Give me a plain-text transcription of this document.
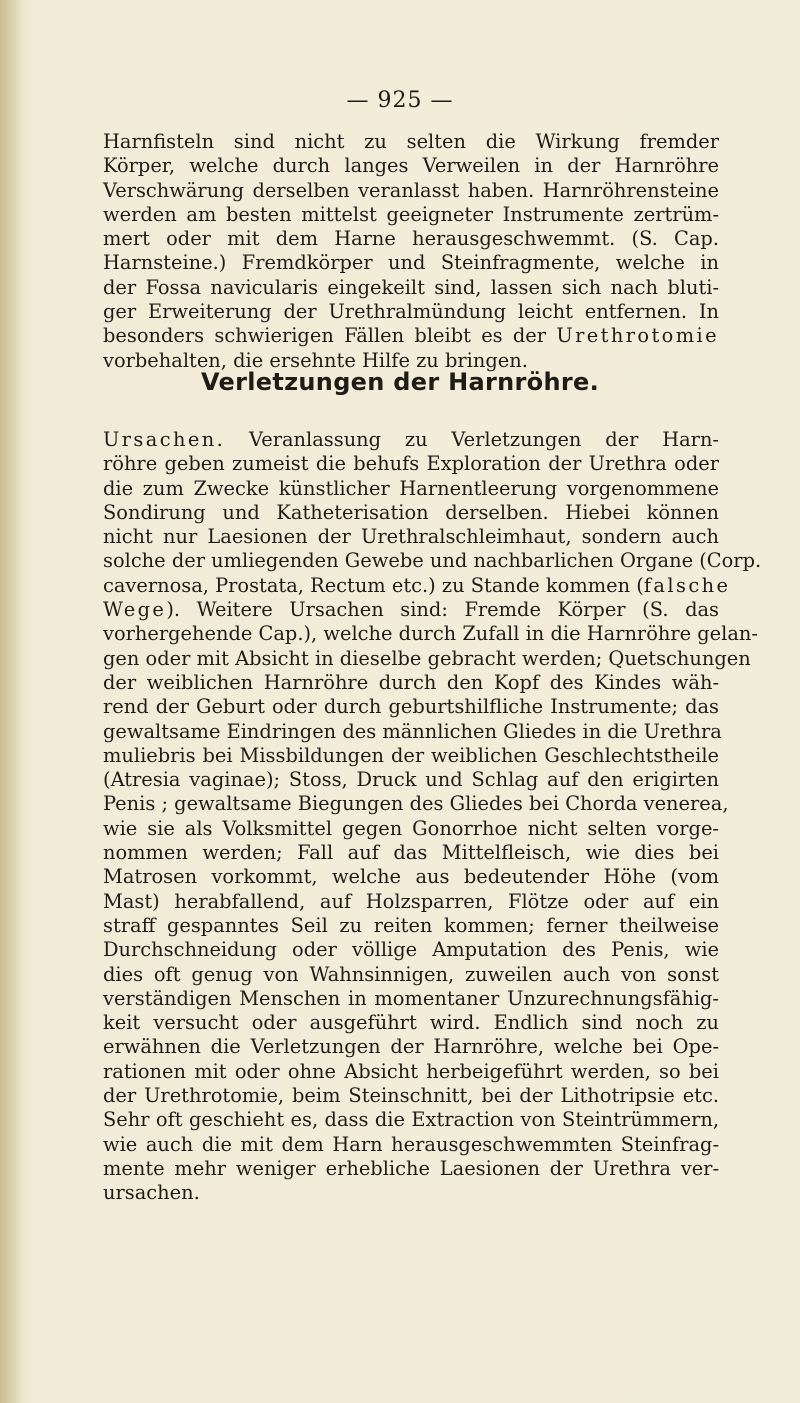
— 925 —
Harnfisteln sind nicht zu selten die Wirkung fremder
Körper, welche durch langes Verweilen in der Harnröhre
Verschwärung derselben veranlasst haben. Harnröhrensteine
werden am besten mittelst geeigneter Instrumente zertrüm-
mert oder mit dem Harne herausgeschwemmt. (S. Cap.
Harnsteine.) Fremdkörper und Steinfragmente, welche in
der Fossa navicularis eingekeilt sind, lassen sich nach bluti-
ger Erweiterung der Urethralmündung leicht entfernen. In
besonders schwierigen Fällen bleibt es der Urethrotomie
vorbehalten, die ersehnte Hilfe zu bringen.
Verletzungen der Harnröhre.
Ursachen. Veranlassung zu Verletzungen der Harn-
röhre geben zumeist die behufs Exploration der Urethra oder
die zum Zwecke künstlicher Harnentleerung vorgenommene
Sondirung und Katheterisation derselben. Hiebei können
nicht nur Laesionen der Urethralschleimhaut, sondern auch
solche der umliegenden Gewebe und nachbarlichen Organe (Corp.
cavernosa, Prostata, Rectum etc.) zu Stande kommen (falsche
Wege). Weitere Ursachen sind: Fremde Körper (S. das
vorhergehende Cap.), welche durch Zufall in die Harnröhre gelan-
gen oder mit Absicht in dieselbe gebracht werden; Quetschungen
der weiblichen Harnröhre durch den Kopf des Kindes wäh-
rend der Geburt oder durch geburtshilfliche Instrumente; das
gewaltsame Eindringen des männlichen Gliedes in die Urethra
muliebris bei Missbildungen der weiblichen Geschlechtstheile
(Atresia vaginae); Stoss, Druck und Schlag auf den erigirten
Penis ; gewaltsame Biegungen des Gliedes bei Chorda venerea,
wie sie als Volksmittel gegen Gonorrhoe nicht selten vorge-
nommen werden; Fall auf das Mittelfleisch, wie dies bei
Matrosen vorkommt, welche aus bedeutender Höhe (vom
Mast) herabfallend, auf Holzsparren, Flötze oder auf ein
straff gespanntes Seil zu reiten kommen; ferner theilweise
Durchschneidung oder völlige Amputation des Penis, wie
dies oft genug von Wahnsinnigen, zuweilen auch von sonst
verständigen Menschen in momentaner Unzurechnungsfähig-
keit versucht oder ausgeführt wird. Endlich sind noch zu
erwähnen die Verletzungen der Harnröhre, welche bei Ope-
rationen mit oder ohne Absicht herbeigeführt werden, so bei
der Urethrotomie, beim Steinschnitt, bei der Lithotripsie etc.
Sehr oft geschieht es, dass die Extraction von Steintrümmern,
wie auch die mit dem Harn herausgeschwemmten Steinfrag-
mente mehr weniger erhebliche Laesionen der Urethra ver-
ursachen.
